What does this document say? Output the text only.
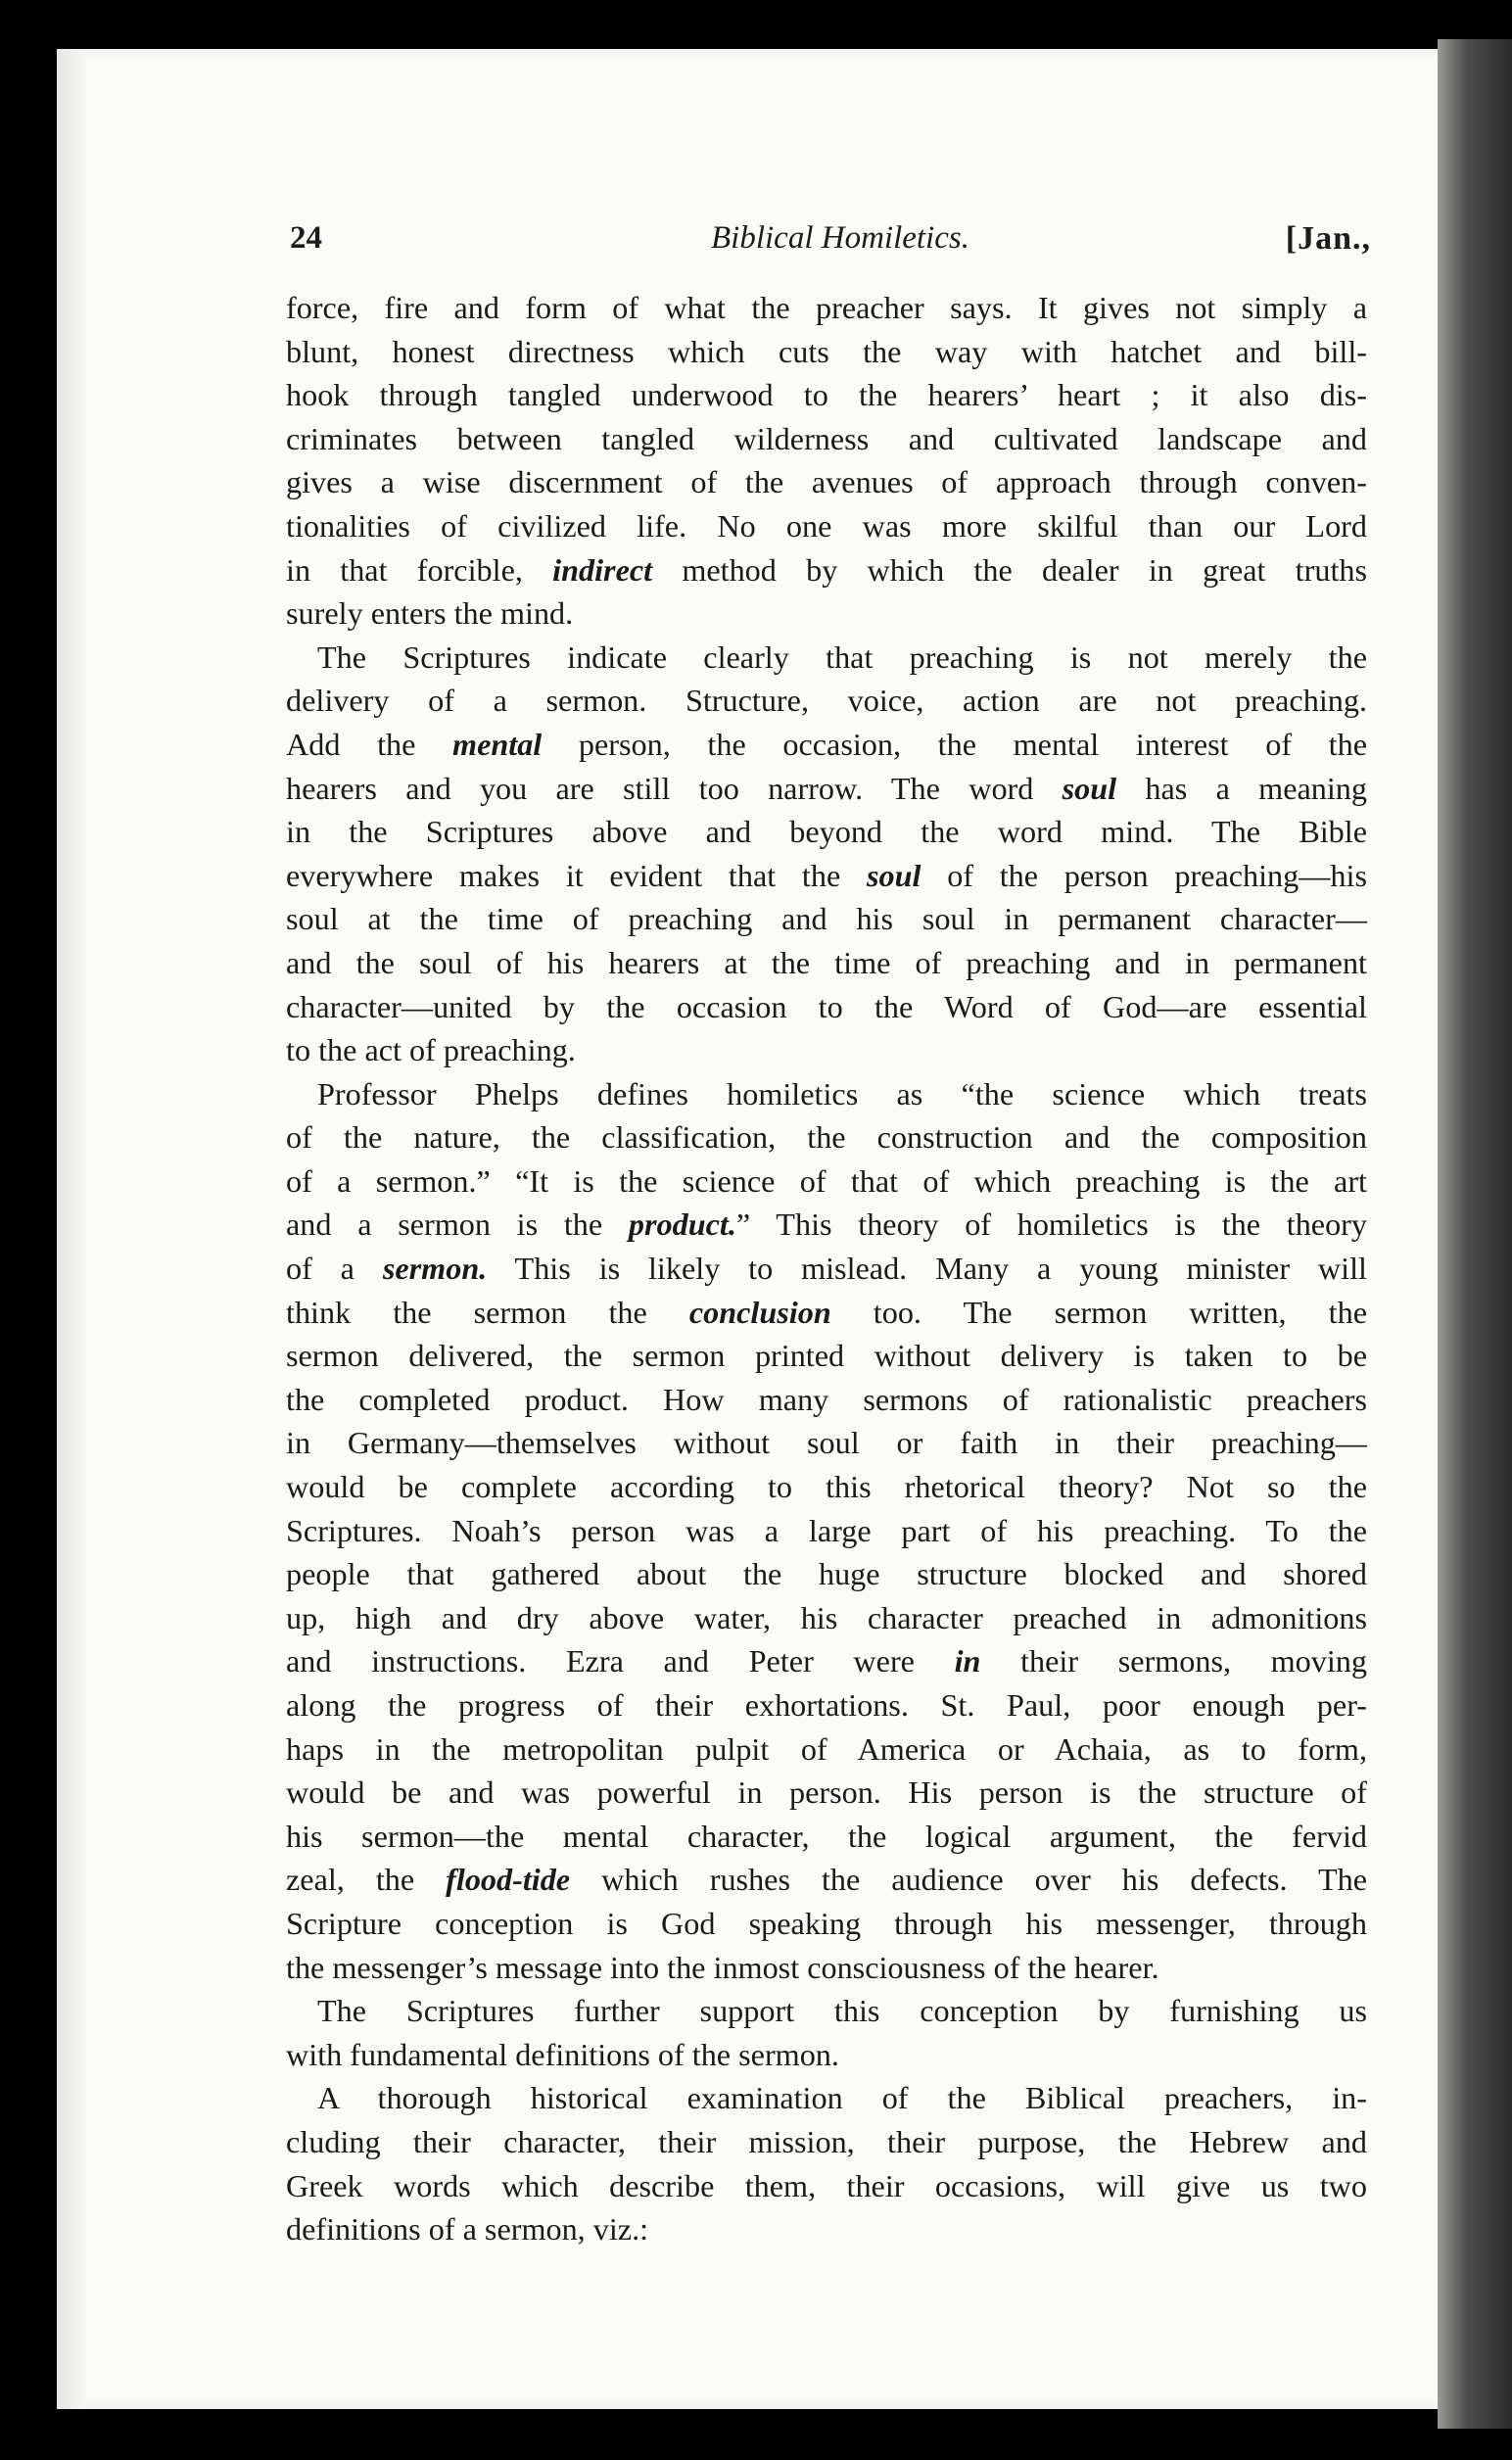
24	Biblical Homiletics.	[Jan.,

force, fire and form of what the preacher says. It gives not simply a
blunt, honest directness which cuts the way with hatchet and bill-
hook through tangled underwood to the hearers’ heart ; it also dis-
criminates between tangled wilderness and cultivated landscape and
gives a wise discernment of the avenues of approach through conven-
tionalities of civilized life. No one was more skilful than our Lord
in that forcible, indirect method by which the dealer in great truths
surely enters the mind.

The Scriptures indicate clearly that preaching is not merely the
delivery of a sermon. Structure, voice, action are not preaching.
Add the mental person, the occasion, the mental interest of the
hearers and you are still too narrow. The word soul has a meaning
in the Scriptures above and beyond the word mind. The Bible
everywhere makes it evident that the soul of the person preaching—his
soul at the time of preaching and his soul in permanent character—
and the soul of his hearers at the time of preaching and in permanent
character—united by the occasion to the Word of God—are essential
to the act of preaching.

Professor Phelps defines homiletics as “the science which treats
of the nature, the classification, the construction and the composition
of a sermon.” “It is the science of that of which preaching is the art
and a sermon is the product.” This theory of homiletics is the theory
of a sermon. This is likely to mislead. Many a young minister will
think the sermon the conclusion too. The sermon written, the
sermon delivered, the sermon printed without delivery is taken to be
the completed product. How many sermons of rationalistic preachers
in Germany—themselves without soul or faith in their preaching—
would be complete according to this rhetorical theory? Not so the
Scriptures. Noah’s person was a large part of his preaching. To the
people that gathered about the huge structure blocked and shored
up, high and dry above water, his character preached in admonitions
and instructions. Ezra and Peter were in their sermons, moving
along the progress of their exhortations. St. Paul, poor enough per-
haps in the metropolitan pulpit of America or Achaia, as to form,
would be and was powerful in person. His person is the structure of
his sermon—the mental character, the logical argument, the fervid
zeal, the flood-tide which rushes the audience over his defects. The
Scripture conception is God speaking through his messenger, through
the messenger’s message into the inmost consciousness of the hearer.

The Scriptures further support this conception by furnishing us
with fundamental definitions of the sermon.

A thorough historical examination of the Biblical preachers, in-
cluding their character, their mission, their purpose, the Hebrew and
Greek words which describe them, their occasions, will give us two
definitions of a sermon, viz.:
